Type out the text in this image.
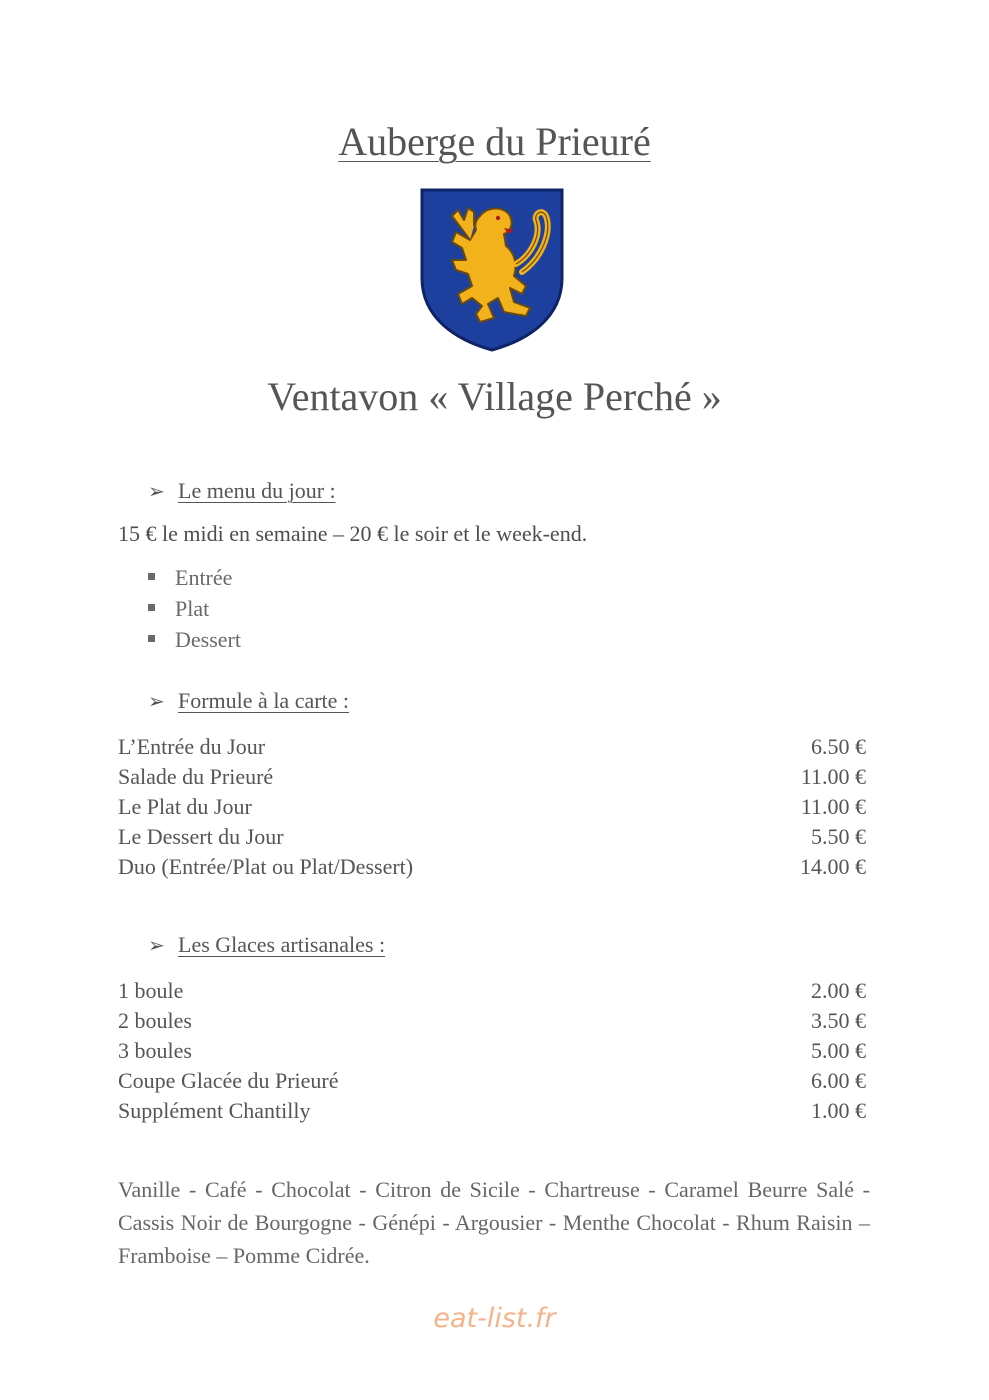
Auberge du Prieuré
Ventavon « Village Perché »
➢ Le menu du jour :
15 € le midi en semaine – 20 € le soir et le week-end.
Entrée
Plat
Dessert
➢ Formule à la carte :
L’Entrée du Jour	6.50 €
Salade du Prieuré	11.00 €
Le Plat du Jour	11.00 €
Le Dessert du Jour	5.50 €
Duo (Entrée/Plat ou Plat/Dessert)	14.00 €
➢ Les Glaces artisanales :
1 boule	2.00 €
2 boules	3.50 €
3 boules	5.00 €
Coupe Glacée du Prieuré	6.00 €
Supplément Chantilly	1.00 €
Vanille - Café - Chocolat - Citron de Sicile - Chartreuse - Caramel Beurre Salé - Cassis Noir de Bourgogne - Génépi - Argousier - Menthe Chocolat - Rhum Raisin – Framboise – Pomme Cidrée.
eat-list.fr
